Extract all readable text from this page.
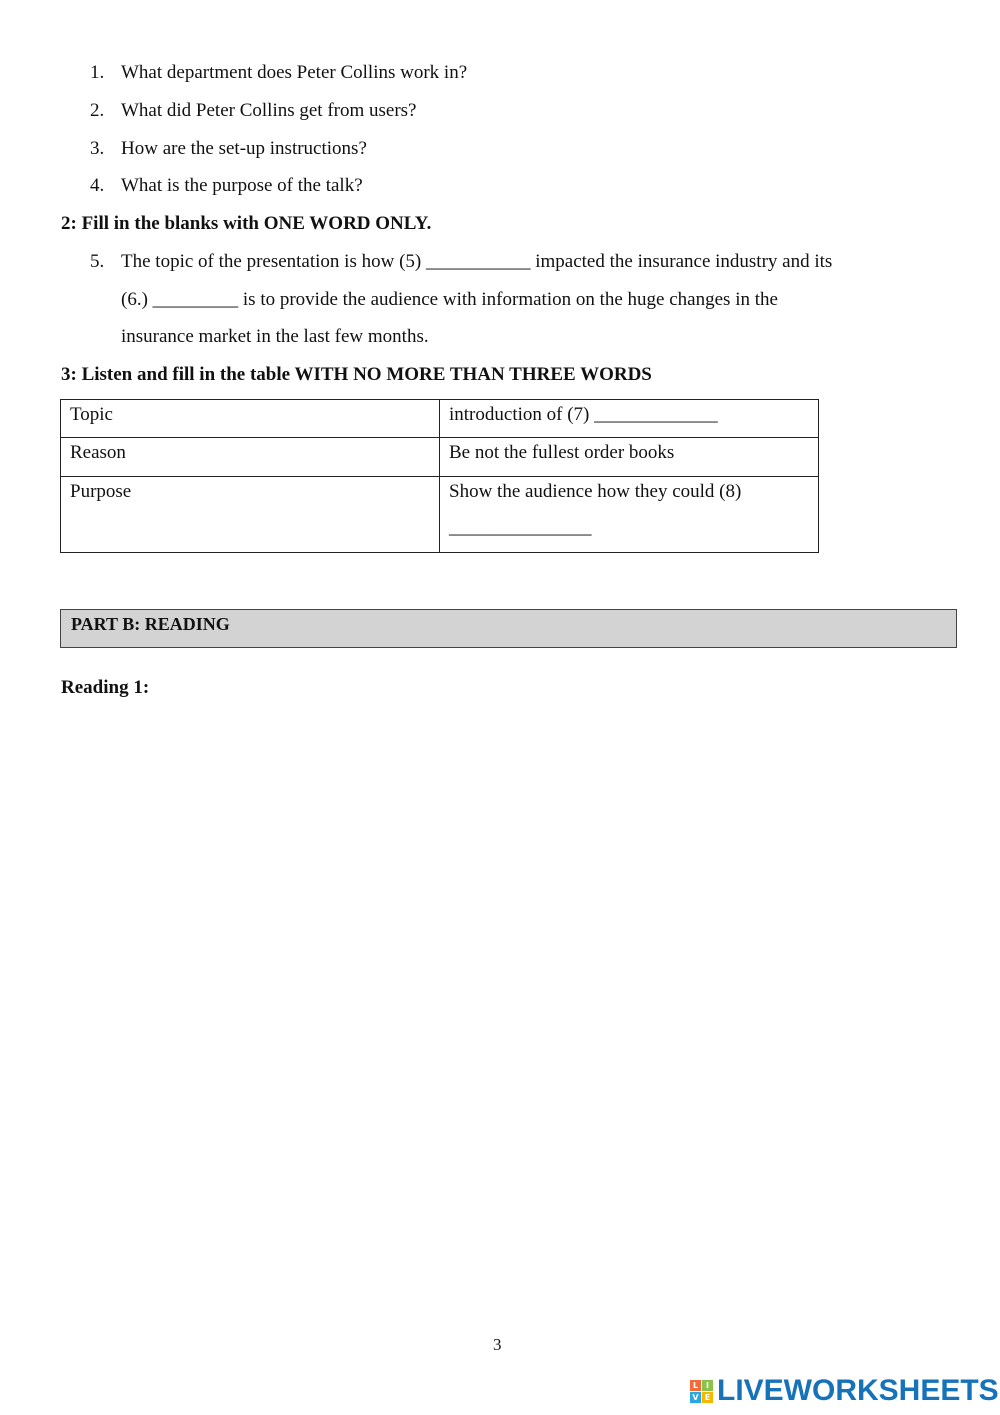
1. What department does Peter Collins work in?
2. What did Peter Collins get from users?
3. How are the set-up instructions?
4. What is the purpose of the talk?
2: Fill in the blanks with ONE WORD ONLY.
5. The topic of the presentation is how (5) ___________ impacted the insurance industry and its
(6.) _________ is to provide the audience with information on the huge changes in the
insurance market in the last few months.
3: Listen and fill in the table WITH NO MORE THAN THREE WORDS
Topic	introduction of (7) _____________
Reason	Be not the fullest order books
Purpose	Show the audience how they could (8)
_______________
PART B: READING
Reading 1:
3
L I
V E LIVEWORKSHEETS
